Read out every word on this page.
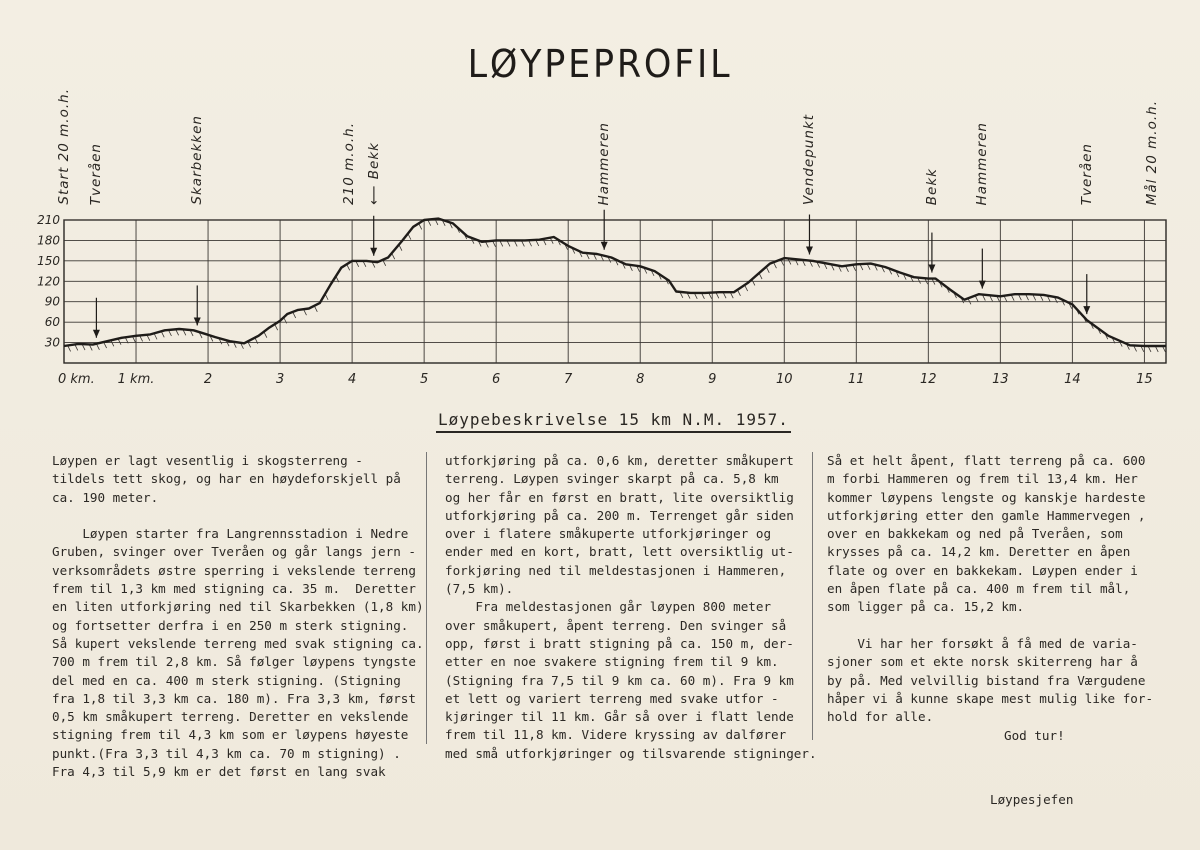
LØYPEPROFIL
Start 20 m.o.h. Tveråen	Skarbekken	210 m.o.h. ⟵ Bekk	Hammeren	Vendepunkt	Bekk	Hammeren	Tveråen	Mål 20 m.o.h.
30
60
90
120
150
180
210
0 km. 1 km.	2	3	4	5	6	7	8	9	10	11	12	13	14	15
Løypebeskrivelse 15 km N.M. 1957.
Løypen er lagt vesentlig i skogsterreng -
tildels tett skog, og har en høydeforskjell på
ca. 190 meter.

Løypen starter fra Langrennsstadion i Nedre
Gruben, svinger over Tveråen og går langs jern -
verksområdets østre sperring i vekslende terreng
frem til 1,3 km med stigning ca. 35 m.  Deretter
en liten utforkjøring ned til Skarbekken (1,8 km)
og fortsetter derfra i en 250 m sterk stigning.
Så kupert vekslende terreng med svak stigning ca.
700 m frem til 2,8 km. Så følger løypens tyngste
del med en ca. 400 m sterk stigning. (Stigning
fra 1,8 til 3,3 km ca. 180 m). Fra 3,3 km, først
0,5 km småkupert terreng. Deretter en vekslende
stigning frem til 4,3 km som er løypens høyeste
punkt.(Fra 3,3 til 4,3 km ca. 70 m stigning) .
Fra 4,3 til 5,9 km er det først en lang svak
utforkjøring på ca. 0,6 km, deretter småkupert
terreng. Løypen svinger skarpt på ca. 5,8 km
og her får en først en bratt, lite oversiktlig
utforkjøring på ca. 200 m. Terrenget går siden
over i flatere småkuperte utforkjøringer og
ender med en kort, bratt, lett oversiktlig ut-
forkjøring ned til meldestasjonen i Hammeren,
(7,5 km).
Fra meldestasjonen går løypen 800 meter
over småkupert, åpent terreng. Den svinger så
opp, først i bratt stigning på ca. 150 m, der-
etter en noe svakere stigning frem til 9 km.
(Stigning fra 7,5 til 9 km ca. 60 m). Fra 9 km
et lett og variert terreng med svake utfor -
kjøringer til 11 km. Går så over i flatt lende
frem til 11,8 km. Videre kryssing av dalfører
med små utforkjøringer og tilsvarende stigninger.
Så et helt åpent, flatt terreng på ca. 600
m forbi Hammeren og frem til 13,4 km. Her
kommer løypens lengste og kanskje hardeste
utforkjøring etter den gamle Hammervegen ,
over en bakkekam og ned på Tveråen, som
krysses på ca. 14,2 km. Deretter en åpen
flate og over en bakkekam. Løypen ender i
en åpen flate på ca. 400 m frem til mål,
som ligger på ca. 15,2 km.

Vi har her forsøkt å få med de varia-
sjoner som et ekte norsk skiterreng har å
by på. Med velvillig bistand fra Værgudene
håper vi å kunne skape mest mulig like for-
hold for alle.
God tur!
Løypesjefen
